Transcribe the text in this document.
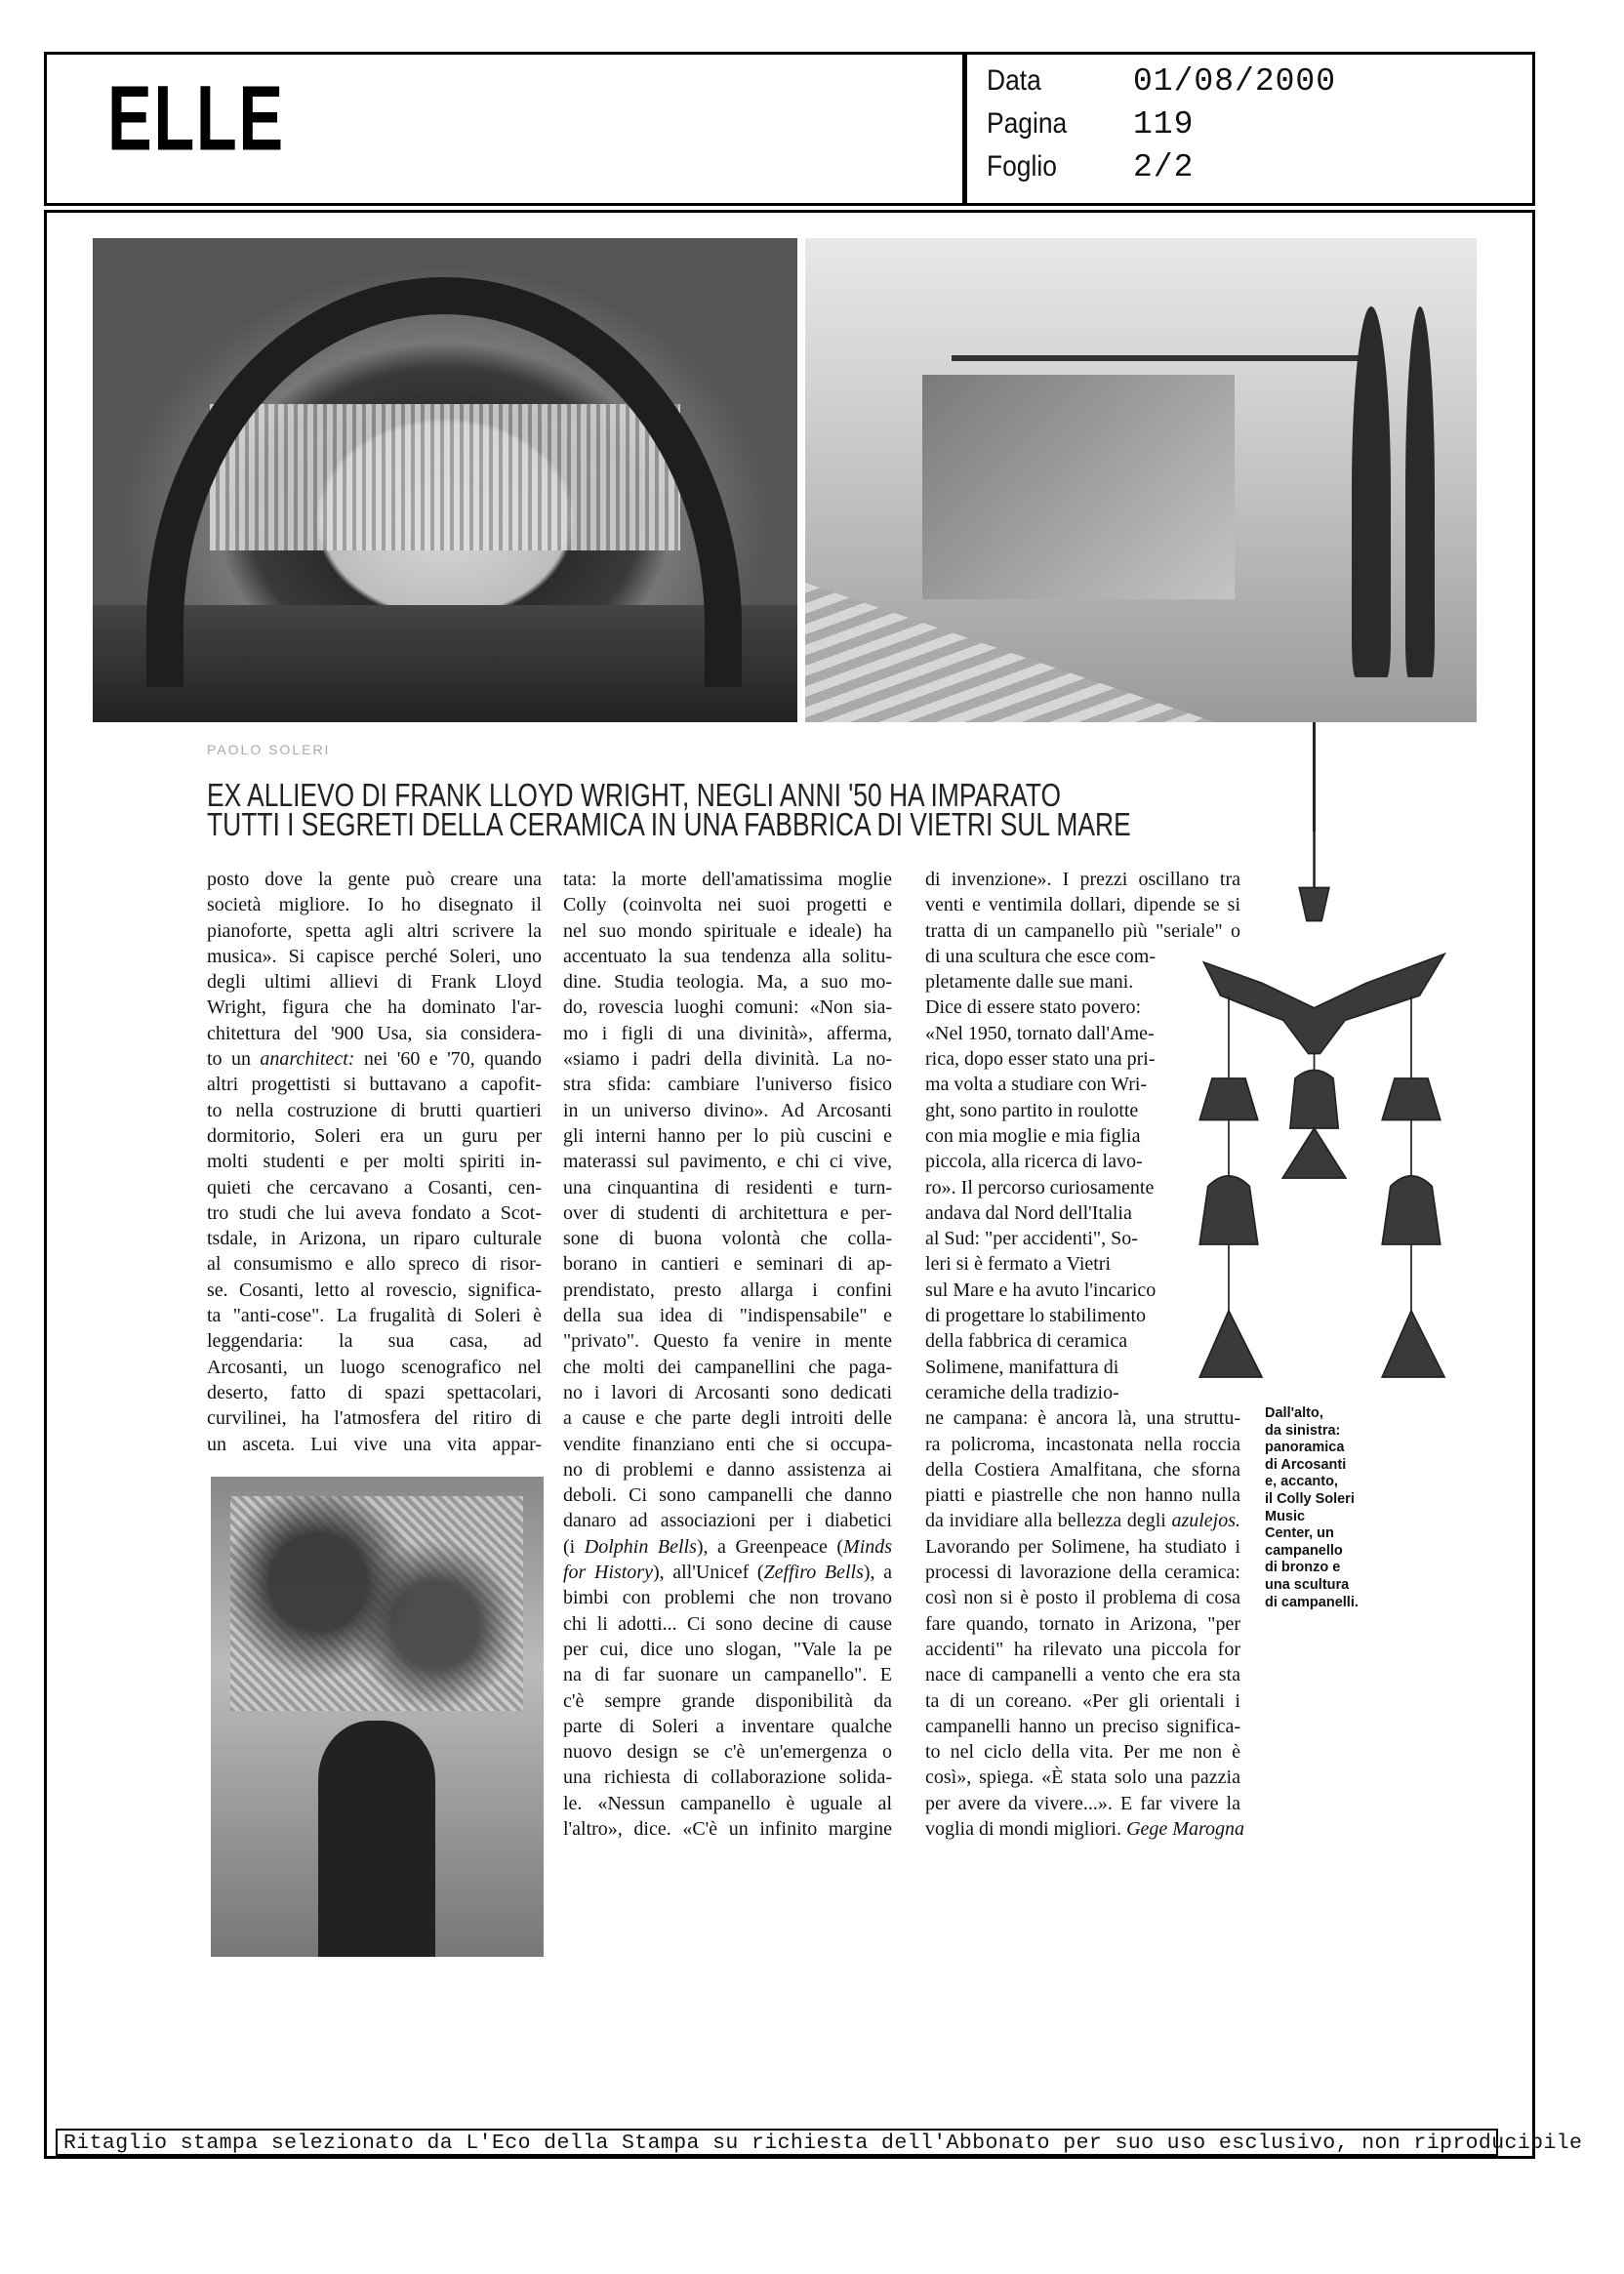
ELLE	Data	01/08/2000
Pagina 119
Foglio 2/2
PAOLO SOLERI
EX ALLIEVO DI FRANK LLOYD WRIGHT, NEGLI ANNI '50 HA IMPARATO
TUTTI I SEGRETI DELLA CERAMICA IN UNA FABBRICA DI VIETRI SUL MARE
posto dove la gente può creare una
società migliore. Io ho disegnato il
pianoforte, spetta agli altri scrivere la
musica». Si capisce perché Soleri, uno
degli ultimi allievi di Frank Lloyd
Wright, figura che ha dominato l'ar-
chitettura del '900 Usa, sia considera-
to un anarchitect: nei '60 e '70, quando
altri progettisti si buttavano a capofit-
to nella costruzione di brutti quartieri
dormitorio, Soleri era un guru per
molti studenti e per molti spiriti in-
quieti che cercavano a Cosanti, cen-
tro studi che lui aveva fondato a Scot-
tsdale, in Arizona, un riparo culturale
al consumismo e allo spreco di risor-
se. Cosanti, letto al rovescio, significa-
ta "anti-cose". La frugalità di Soleri è
leggendaria: la sua casa, ad
Arcosanti, un luogo scenografico nel
deserto, fatto di spazi spettacolari,
curvilinei, ha l'atmosfera del ritiro di
un asceta. Lui vive una vita appar-
tata: la morte dell'amatissima moglie
Colly (coinvolta nei suoi progetti e
nel suo mondo spirituale e ideale) ha
accentuato la sua tendenza alla solitu-
dine. Studia teologia. Ma, a suo mo-
do, rovescia luoghi comuni: «Non sia-
mo i figli di una divinità», afferma,
«siamo i padri della divinità. La no-
stra sfida: cambiare l'universo fisico
in un universo divino». Ad Arcosanti
gli interni hanno per lo più cuscini e
materassi sul pavimento, e chi ci vive,
una cinquantina di residenti e turn-
over di studenti di architettura e per-
sone di buona volontà che colla-
borano in cantieri e seminari di ap-
prendistato, presto allarga i confini
della sua idea di "indispensabile" e
"privato". Questo fa venire in mente
che molti dei campanellini che paga-
no i lavori di Arcosanti sono dedicati
a cause e che parte degli introiti delle
vendite finanziano enti che si occupa-
no di problemi e danno assistenza ai
deboli. Ci sono campanelli che danno
danaro ad associazioni per i diabetici
(i Dolphin Bells), a Greenpeace (Minds
for History), all'Unicef (Zeffiro Bells), a
bimbi con problemi che non trovano
chi li adotti... Ci sono decine di cause
per cui, dice uno slogan, "Vale la pe
na di far suonare un campanello". E
c'è sempre grande disponibilità da
parte di Soleri a inventare qualche
nuovo design se c'è un'emergenza o
una richiesta di collaborazione solida-
le. «Nessun campanello è uguale al
l'altro», dice. «C'è un infinito margine
di invenzione». I prezzi oscillano tra
venti e ventimila dollari, dipende se si
tratta di un campanello più "seriale" o
di una scultura che esce com-
pletamente dalle sue mani.
Dice di essere stato povero:
«Nel 1950, tornato dall'Ame-
rica, dopo esser stato una pri-
ma volta a studiare con Wri-
ght, sono partito in roulotte
con mia moglie e mia figlia
piccola, alla ricerca di lavo-
ro». Il percorso curiosamente
andava dal Nord dell'Italia
al Sud: "per accidenti", So-
leri si è fermato a Vietri
sul Mare e ha avuto l'incarico
di progettare lo stabilimento
della fabbrica di ceramica
Solimene, manifattura di
ceramiche della tradizio-
ne campana: è ancora là, una struttu-
ra policroma, incastonata nella roccia
della Costiera Amalfitana, che sforna
piatti e piastrelle che non hanno nulla
da invidiare alla bellezza degli azulejos.
Lavorando per Solimene, ha studiato i
processi di lavorazione della ceramica:
così non si è posto il problema di cosa
fare quando, tornato in Arizona, "per
accidenti" ha rilevato una piccola for
nace di campanelli a vento che era sta
ta di un coreano. «Per gli orientali i
campanelli hanno un preciso significa-
to nel ciclo della vita. Per me non è
così», spiega. «È stata solo una pazzia
per avere da vivere...». E far vivere la
voglia di mondi migliori. Gege Marogna
Dall'alto,
da sinistra:
panoramica
di Arcosanti
e, accanto,
il Colly Soleri
Music
Center, un
campanello
di bronzo e
una scultura
di campanelli.
Ritaglio stampa selezionato da L'Eco della Stampa su richiesta dell'Abbonato per suo uso esclusivo, non riproducibile
